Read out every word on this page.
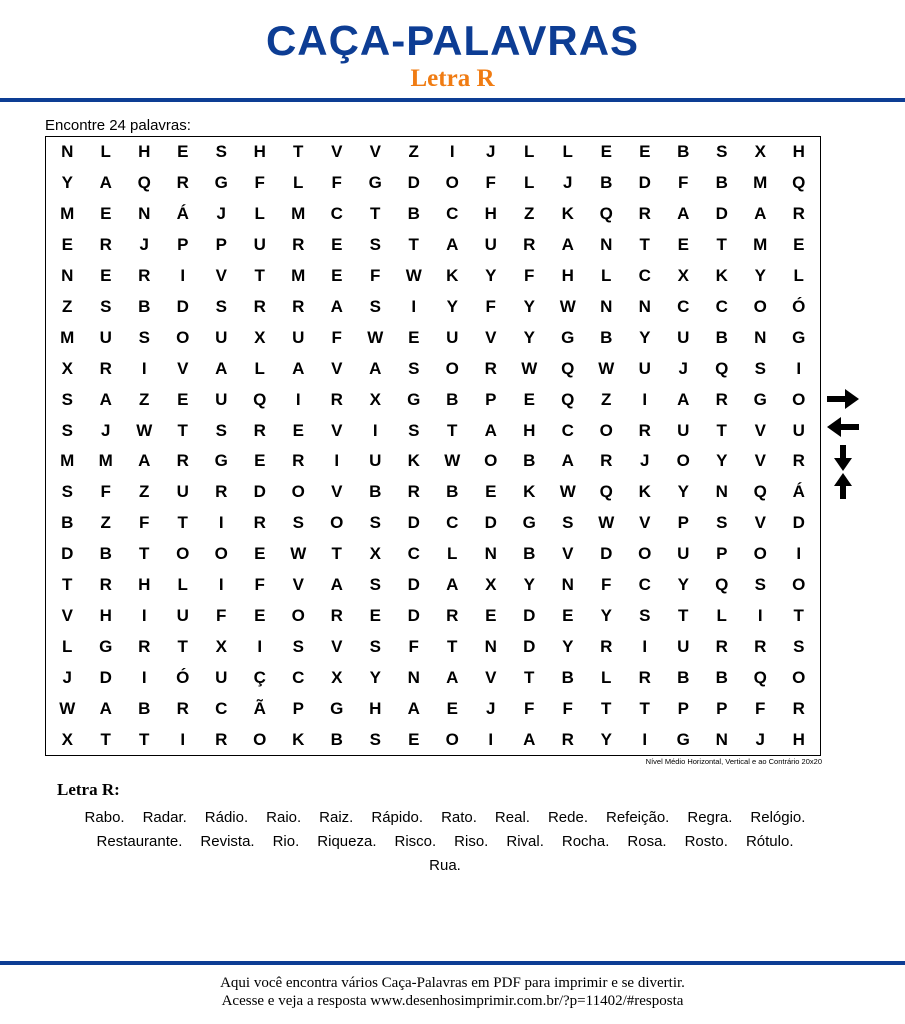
CAÇA-PALAVRAS
Letra R
Encontre 24 palavras:
N	L	H	E	S	H	T	V	V	Z	I	J	L	L	E	E	B	S	X	H
Y	A	Q	R	G	F	L	F	G	D	O	F	L	J	B	D	F	B	M	Q
M	E	N	Á	J	L	M	C	T	B	C	H	Z	K	Q	R	A	D	A	R
E	R	J	P	P	U	R	E	S	T	A	U	R	A	N	T	E	T	M	E
N	E	R	I	V	T	M	E	F	W	K	Y	F	H	L	C	X	K	Y	L
Z	S	B	D	S	R	R	A	S	I	Y	F	Y	W	N	N	C	C	O	Ó
M	U	S	O	U	X	U	F	W	E	U	V	Y	G	B	Y	U	B	N	G
X	R	I	V	A	L	A	V	A	S	O	R	W	Q	W	U	J	Q	S	I
S	A	Z	E	U	Q	I	R	X	G	B	P	E	Q	Z	I	A	R	G	O
S	J	W	T	S	R	E	V	I	S	T	A	H	C	O	R	U	T	V	U
M	M	A	R	G	E	R	I	U	K	W	O	B	A	R	J	O	Y	V	R
S	F	Z	U	R	D	O	V	B	R	B	E	K	W	Q	K	Y	N	Q	Á
B	Z	F	T	I	R	S	O	S	D	C	D	G	S	W	V	P	S	V	D
D	B	T	O	O	E	W	T	X	C	L	N	B	V	D	O	U	P	O	I
T	R	H	L	I	F	V	A	S	D	A	X	Y	N	F	C	Y	Q	S	O
V	H	I	U	F	E	O	R	E	D	R	E	D	E	Y	S	T	L	I	T
L	G	R	T	X	I	S	V	S	F	T	N	D	Y	R	I	U	R	R	S
J	D	I	Ó	U	Ç	C	X	Y	N	A	V	T	B	L	R	B	B	Q	O
W	A	B	R	C	Ã	P	G	H	A	E	J	F	F	T	T	P	P	F	R
X	T	T	I	R	O	K	B	S	E	O	I	A	R	Y	I	G	N	J	H
Nível Médio Horizontal, Vertical e ao Contrário 20x20
Letra R:
Rabo. Radar. Rádio. Raio. Raiz. Rápido. Rato. Real. Rede. Refeição. Regra. Relógio.
Restaurante. Revista. Rio. Riqueza. Risco. Riso. Rival. Rocha. Rosa. Rosto. Rótulo.
Rua.
Aqui você encontra vários Caça-Palavras em PDF para imprimir e se divertir.
Acesse e veja a resposta www.desenhosimprimir.com.br/?p=11402/#resposta
